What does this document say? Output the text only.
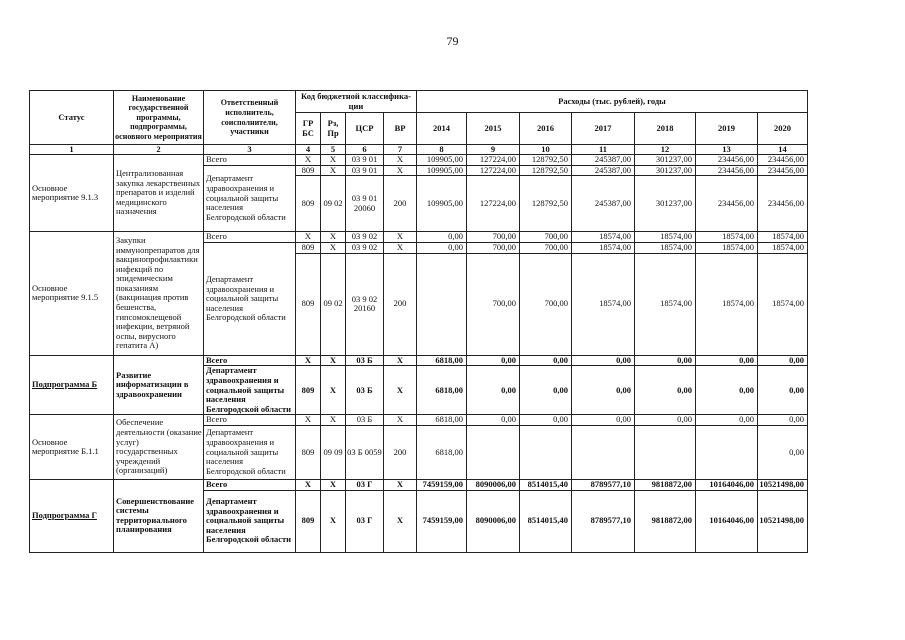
79
Статус	Наименование государственной программы, подпрограммы, основного мероприятия	Ответственный исполнитель, соисполнители, участники	Код бюджетной классифика-ции				Расходы (тыс. рублей), годы						
			ГР БС	Рз, Пр	ЦСР	ВР	2014	2015	2016	2017	2018	2019	2020
1	2	3	4	5	6	7	8	9	10	11	12	13	14
Основное мероприятие 9.1.3	Централизованная закупка лекарственных препаратов и изделий медицинского назначения	Всего	X	X	03 9 01	X	109905,00	127224,00	128792,50	245387,00	301237,00	234456,00	234456,00
		Департамент здравоохранения и социальной защиты населения Белгородской области	809	X	03 9 01	X	109905,00	127224,00	128792,50	245387,00	301237,00	234456,00	234456,00
			809	09 02	03 9 01 20060	200	109905,00	127224,00	128792,50	245387,00	301237,00	234456,00	234456,00
Основное мероприятие 9.1.5	Закупки иммунопрепаратов для вакцинопрофилактики инфекций по эпидемическим показаниям (вакцинация против бешенства, гипсомоклещевой инфекции, ветряной оспы, вирусного гепатита А)	Всего	X	X	03 9 02	X	0,00	700,00	700,00	18574,00	18574,00	18574,00	18574,00
		Департамент здравоохранения и социальной защиты населения Белгородской области	809	X	03 9 02	X	0,00	700,00	700,00	18574,00	18574,00	18574,00	18574,00
			809	09 02	03 9 02 20160	200		700,00	700,00	18574,00	18574,00	18574,00	18574,00
Подпрограмма Б	Развитие информатизации в здравоохранении	Всего	X	X	03 Б	X	6818,00	0,00	0,00	0,00	0,00	0,00	0,00
		Департамент здравоохранения и социальной защиты населения Белгородской области	809	X	03 Б	X	6818,00	0,00	0,00	0,00	0,00	0,00	0,00
Основное мероприятие Б.1.1	Обеспечение деятельности (оказание услуг) государственных учреждений (организаций)	Всего	X	X	03 Б	X	6818,00	0,00	0,00	0,00	0,00	0,00	0,00
		Департамент здравоохранения и социальной защиты населения Белгородской области	809	09 09	03 Б 0059	200	6818,00						0,00
Подпрограмма Г	Совершенствование системы территориального планирования	Всего	X	X	03 Г	X	7459159,00	8090006,00	8514015,40	8789577,10	9818872,00	10164046,00	10521498,00
		Департамент здравоохранения и социальной защиты населения Белгородской области	809	X	03 Г	X	7459159,00	8090006,00	8514015,40	8789577,10	9818872,00	10164046,00	10521498,00
